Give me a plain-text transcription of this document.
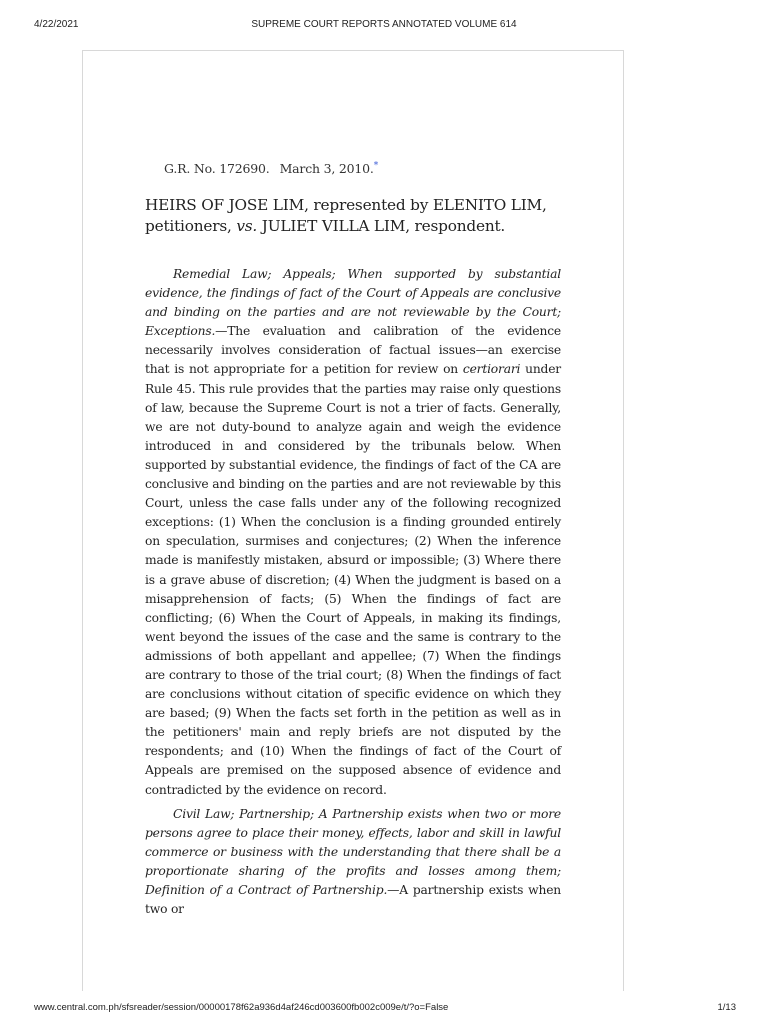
4/22/2021	SUPREME COURT REPORTS ANNOTATED VOLUME 614
G.R. No. 172690. March 3, 2010.*
HEIRS OF JOSE LIM, represented by ELENITO LIM, petitioners, vs. JULIET VILLA LIM, respondent.

Remedial Law; Appeals; When supported by substantial evidence, the findings of fact of the Court of Appeals are conclusive and binding on the parties and are not reviewable by the Court; Exceptions.—The evaluation and calibration of the evidence necessarily involves consideration of factual issues—an exercise that is not appropriate for a petition for review on certiorari under Rule 45. This rule provides that the parties may raise only questions of law, because the Supreme Court is not a trier of facts. Generally, we are not duty-bound to analyze again and weigh the evidence introduced in and considered by the tribunals below. When supported by substantial evidence, the findings of fact of the CA are conclusive and binding on the parties and are not reviewable by this Court, unless the case falls under any of the following recognized exceptions: (1) When the conclusion is a finding grounded entirely on speculation, surmises and conjectures; (2) When the inference made is manifestly mistaken, absurd or impossible; (3) Where there is a grave abuse of discretion; (4) When the judgment is based on a misapprehension of facts; (5) When the findings of fact are conflicting; (6) When the Court of Appeals, in making its findings, went beyond the issues of the case and the same is contrary to the admissions of both appellant and appellee; (7) When the findings are contrary to those of the trial court; (8) When the findings of fact are conclusions without citation of specific evidence on which they are based; (9) When the facts set forth in the petition as well as in the petitioners' main and reply briefs are not disputed by the respondents; and (10) When the findings of fact of the Court of Appeals are premised on the supposed absence of evidence and contradicted by the evidence on record.

Civil Law; Partnership; A Partnership exists when two or more persons agree to place their money, effects, labor and skill in lawful commerce or business with the understanding that there shall be a proportionate sharing of the profits and losses among them; Definition of a Contract of Partnership.—A partnership exists when two or

www.central.com.ph/sfsreader/session/00000178f62a936d4af246cd003600fb002c009e/t/?o=False	1/13
